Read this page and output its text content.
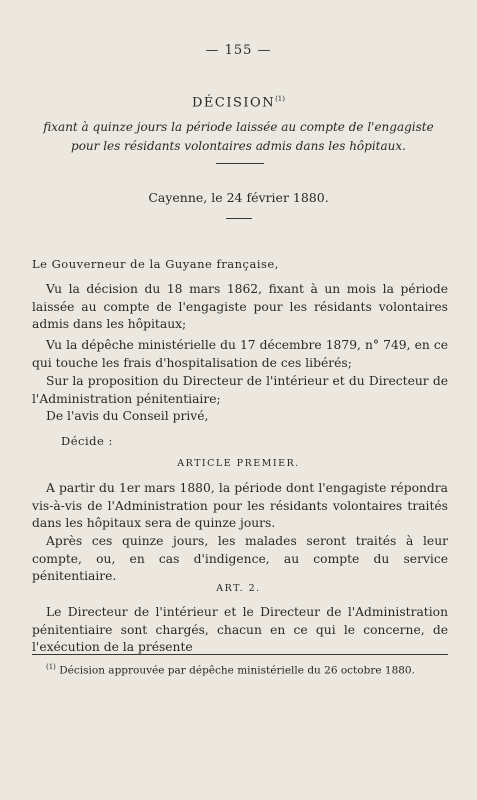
— 155 —
DÉCISION$^{(1)}$
fixant à quinze jours la période laissée au compte de l'engagiste pour les résidants volontaires admis dans les hôpitaux.
Cayenne, le 24 février 1880.
Le Gouverneur de la Guyane française,
Vu la décision du 18 mars 1862, fixant à un mois la période laissée au compte de l'engagiste pour les résidants volontaires admis dans les hôpitaux;
Vu la dépêche ministérielle du 17 décembre 1879, n° 749, en ce qui touche les frais d'hospitalisation de ces libérés;
Sur la proposition du Directeur de l'intérieur et du Directeur de l'Administration pénitentiaire;
De l'avis du Conseil privé,
Décide :
ARTICLE PREMIER.
A partir du 1er mars 1880, la période dont l'engagiste répondra vis-à-vis de l'Administration pour les résidants volontaires traités dans les hôpitaux sera de quinze jours.
Après ces quinze jours, les malades seront traités à leur compte, ou, en cas d'indigence, au compte du service pénitentiaire.
ART. 2.
Le Directeur de l'intérieur et le Directeur de l'Administration pénitentiaire sont chargés, chacun en ce qui le concerne, de l'exécution de la présente
$^{(1)}$ Décision approuvée par dépêche ministérielle du 26 octobre 1880.
